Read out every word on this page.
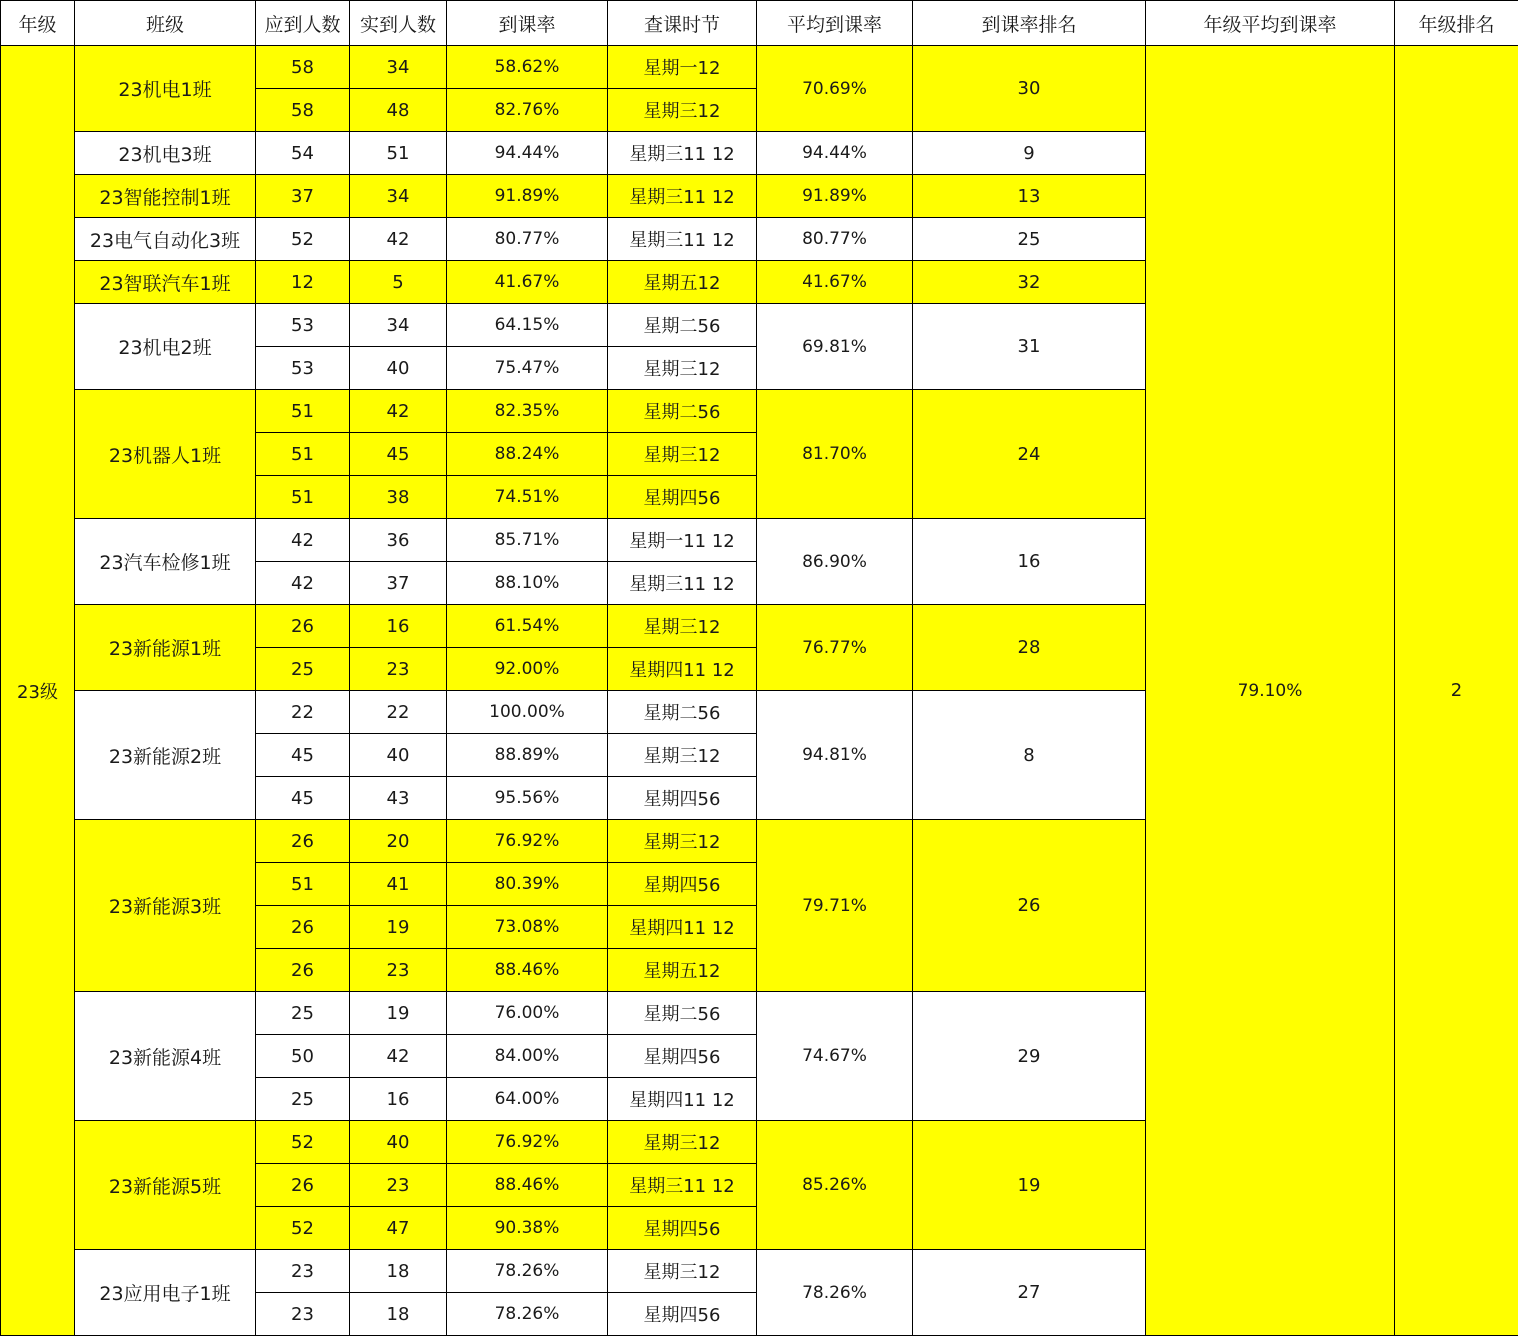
年级	班级	应到人数	实到人数	到课率	查课时节	平均到课率	到课率排名	年级平均到课率	年级排名
23级	23机电1班	58	34	58.62%	星期一12	70.69%	30	79.10%	2
		58	48	82.76%	星期三12				
	23机电3班	54	51	94.44%	星期三11 12	94.44%	9		
	23智能控制1班	37	34	91.89%	星期三11 12	91.89%	13		
	23电气自动化3班	52	42	80.77%	星期三11 12	80.77%	25		
	23智联汽车1班	12	5	41.67%	星期五12	41.67%	32		
	23机电2班	53	34	64.15%	星期二56	69.81%	31		
		53	40	75.47%	星期三12				
	23机器人1班	51	42	82.35%	星期二56	81.70%	24		
		51	45	88.24%	星期三12				
		51	38	74.51%	星期四56				
	23汽车检修1班	42	36	85.71%	星期一11 12	86.90%	16		
		42	37	88.10%	星期三11 12				
	23新能源1班	26	16	61.54%	星期三12	76.77%	28		
		25	23	92.00%	星期四11 12				
	23新能源2班	22	22	100.00%	星期二56	94.81%	8		
		45	40	88.89%	星期三12				
		45	43	95.56%	星期四56				
	23新能源3班	26	20	76.92%	星期三12	79.71%	26		
		51	41	80.39%	星期四56				
		26	19	73.08%	星期四11 12				
		26	23	88.46%	星期五12				
	23新能源4班	25	19	76.00%	星期二56	74.67%	29		
		50	42	84.00%	星期四56				
		25	16	64.00%	星期四11 12				
	23新能源5班	52	40	76.92%	星期三12	85.26%	19		
		26	23	88.46%	星期三11 12				
		52	47	90.38%	星期四56				
	23应用电子1班	23	18	78.26%	星期三12	78.26%	27		
		23	18	78.26%	星期四56				
